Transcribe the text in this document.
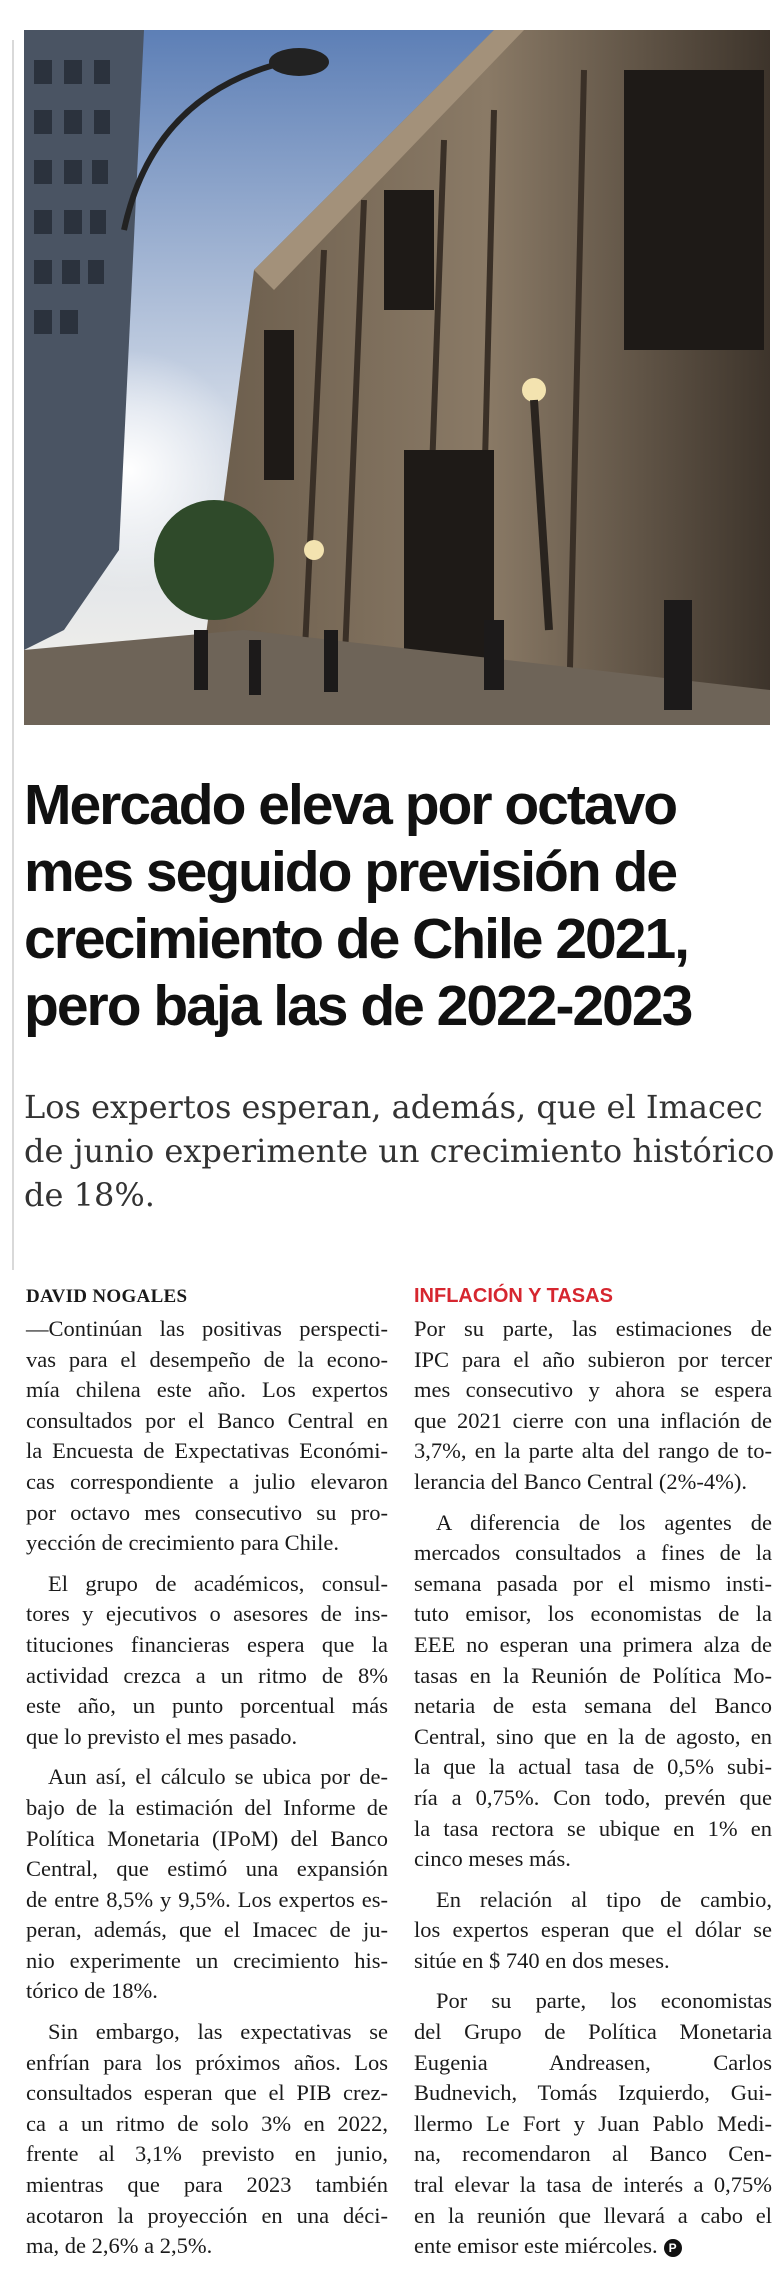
Mercado eleva por octavo
mes seguido previsión de
crecimiento de Chile 2021,
pero baja las de 2022-2023

Los expertos esperan, además, que el Imacec
de junio experimente un crecimiento histórico
de 18%.

DAVID NOGALES
—Continúan las positivas perspecti-
vas para el desempeño de la econo-
mía chilena este año. Los expertos
consultados por el Banco Central en
la Encuesta de Expectativas Económi-
cas correspondiente a julio elevaron
por octavo mes consecutivo su pro-
yección de crecimiento para Chile.
El grupo de académicos, consul-
tores y ejecutivos o asesores de ins-
tituciones financieras espera que la
actividad crezca a un ritmo de 8%
este año, un punto porcentual más
que lo previsto el mes pasado.
Aun así, el cálculo se ubica por de-
bajo de la estimación del Informe de
Política Monetaria (IPoM) del Banco
Central, que estimó una expansión
de entre 8,5% y 9,5%. Los expertos es-
peran, además, que el Imacec de ju-
nio experimente un crecimiento his-
tórico de 18%.
Sin embargo, las expectativas se
enfrían para los próximos años. Los
consultados esperan que el PIB crez-
ca a un ritmo de solo 3% en 2022,
frente al 3,1% previsto en junio,
mientras que para 2023 también
acotaron la proyección en una déci-
ma, de 2,6% a 2,5%.
INFLACIÓN Y TASAS
Por su parte, las estimaciones de
IPC para el año subieron por tercer
mes consecutivo y ahora se espera
que 2021 cierre con una inflación de
3,7%, en la parte alta del rango de to-
lerancia del Banco Central (2%-4%).
A diferencia de los agentes de
mercados consultados a fines de la
semana pasada por el mismo insti-
tuto emisor, los economistas de la
EEE no esperan una primera alza de
tasas en la Reunión de Política Mo-
netaria de esta semana del Banco
Central, sino que en la de agosto, en
la que la actual tasa de 0,5% subi-
ría a 0,75%. Con todo, prevén que
la tasa rectora se ubique en 1% en
cinco meses más.
En relación al tipo de cambio,
los expertos esperan que el dólar se
sitúe en $ 740 en dos meses.
Por su parte, los economistas
del Grupo de Política Monetaria
Eugenia Andreasen, Carlos
Budnevich, Tomás Izquierdo, Gui-
llermo Le Fort y Juan Pablo Medi-
na, recomendaron al Banco Cen-
tral elevar la tasa de interés a 0,75%
en la reunión que llevará a cabo el
ente emisor este miércoles. P
